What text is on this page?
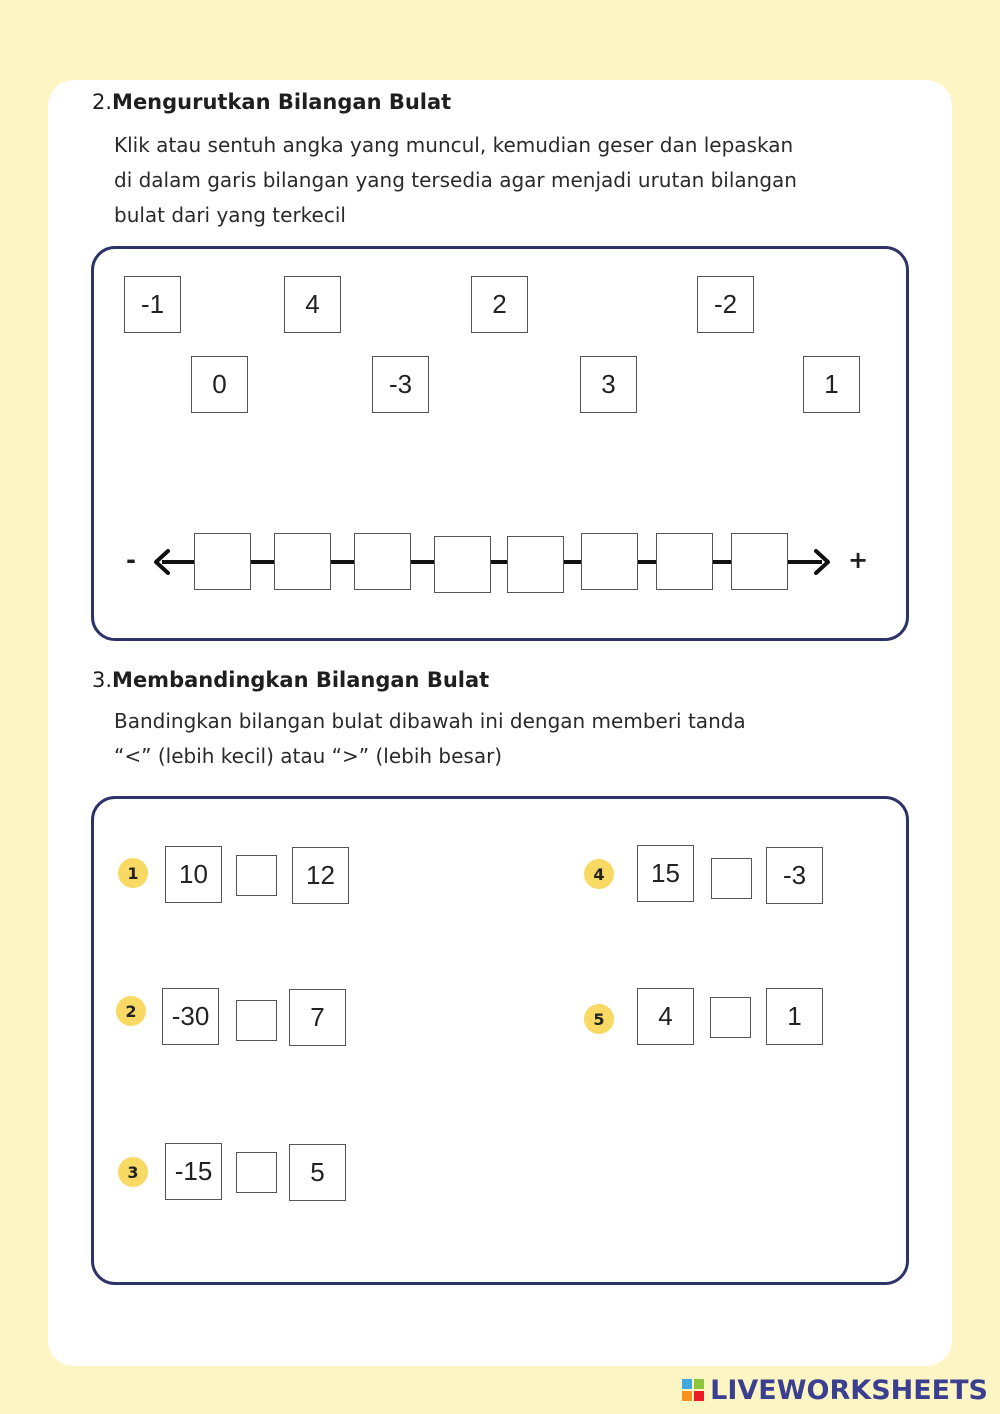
2.Mengurutkan Bilangan Bulat
Klik atau sentuh angka yang muncul, kemudian geser dan lepaskan
di dalam garis bilangan yang tersedia agar menjadi urutan bilangan
bulat dari yang terkecil
-1	4	2	-2
0	-3	3	1
-	+
3.Membandingkan Bilangan Bulat
Bandingkan bilangan bulat dibawah ini dengan memberi tanda
“<” (lebih kecil) atau “>” (lebih besar)
1	10	12
2	-30	7
3	-15	5
4	15	-3
5	4	1
LIVEWORKSHEETS
